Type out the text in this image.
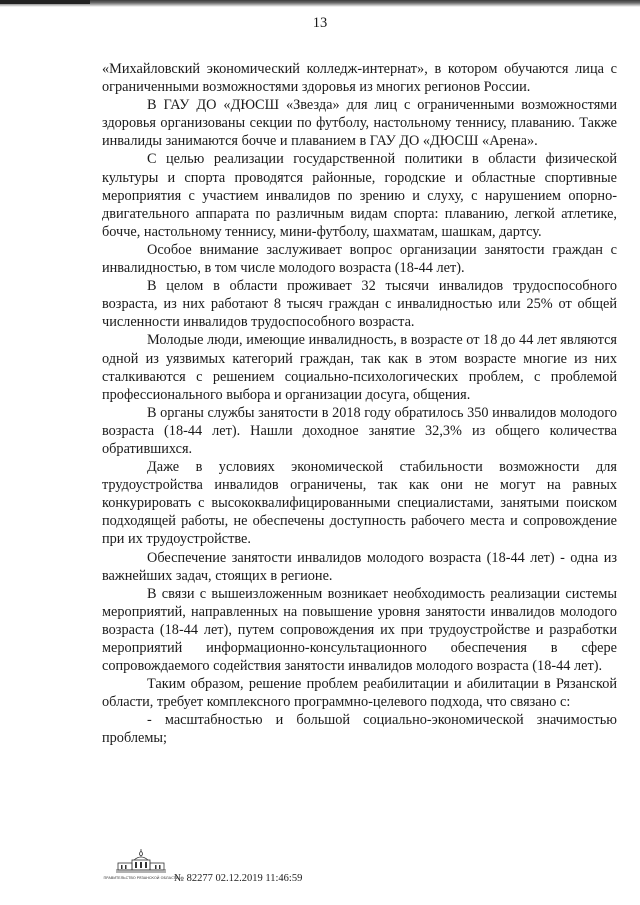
13

«Михайловский экономический колледж-интернат», в котором обучаются лица с ограниченными возможностями здоровья из многих регионов России.

В ГАУ ДО «ДЮСШ «Звезда» для лиц с ограниченными возможностями здоровья организованы секции по футболу, настольному теннису, плаванию. Также инвалиды занимаются бочче и плаванием в ГАУ ДО «ДЮСШ «Арена».

С целью реализации государственной политики в области физической культуры и спорта проводятся районные, городские и областные спортивные мероприятия с участием инвалидов по зрению и слуху, с нарушением опорно-двигательного аппарата по различным видам спорта: плаванию, легкой атлетике, бочче, настольному теннису, мини-футболу, шахматам, шашкам, дартсу.

Особое внимание заслуживает вопрос организации занятости граждан с инвалидностью, в том числе молодого возраста (18-44 лет).

В целом в области проживает 32 тысячи инвалидов трудоспособного возраста, из них работают 8 тысяч граждан с инвалидностью или 25% от общей численности инвалидов трудоспособного возраста.

Молодые люди, имеющие инвалидность, в возрасте от 18 до 44 лет являются одной из уязвимых категорий граждан, так как в этом возрасте многие из них сталкиваются с решением социально-психологических проблем, с проблемой профессионального выбора и организации досуга, общения.

В органы службы занятости в 2018 году обратилось 350 инвалидов молодого возраста (18-44 лет). Нашли доходное занятие 32,3% из общего количества обратившихся.

Даже в условиях экономической стабильности возможности для трудоустройства инвалидов ограничены, так как они не могут на равных конкурировать с высококвалифицированными специалистами, занятыми поиском подходящей работы, не обеспечены доступность рабочего места и сопровождение при их трудоустройстве.

Обеспечение занятости инвалидов молодого возраста (18-44 лет) - одна из важнейших задач, стоящих в регионе.

В связи с вышеизложенным возникает необходимость реализации системы мероприятий, направленных на повышение уровня занятости инвалидов молодого возраста (18-44 лет), путем сопровождения их при трудоустройстве и разработки мероприятий информационно-консультационного обеспечения в сфере сопровождаемого содействия занятости инвалидов молодого возраста (18-44 лет).

Таким образом, решение проблем реабилитации и абилитации в Рязанской области, требует комплексного программно-целевого подхода, что связано с:

- масштабностью и большой социально-экономической значимостью проблемы;

ПРАВИТЕЛЬСТВО РЯЗАНСКОЙ ОБЛАСТИ
№ 82277 02.12.2019 11:46:59
